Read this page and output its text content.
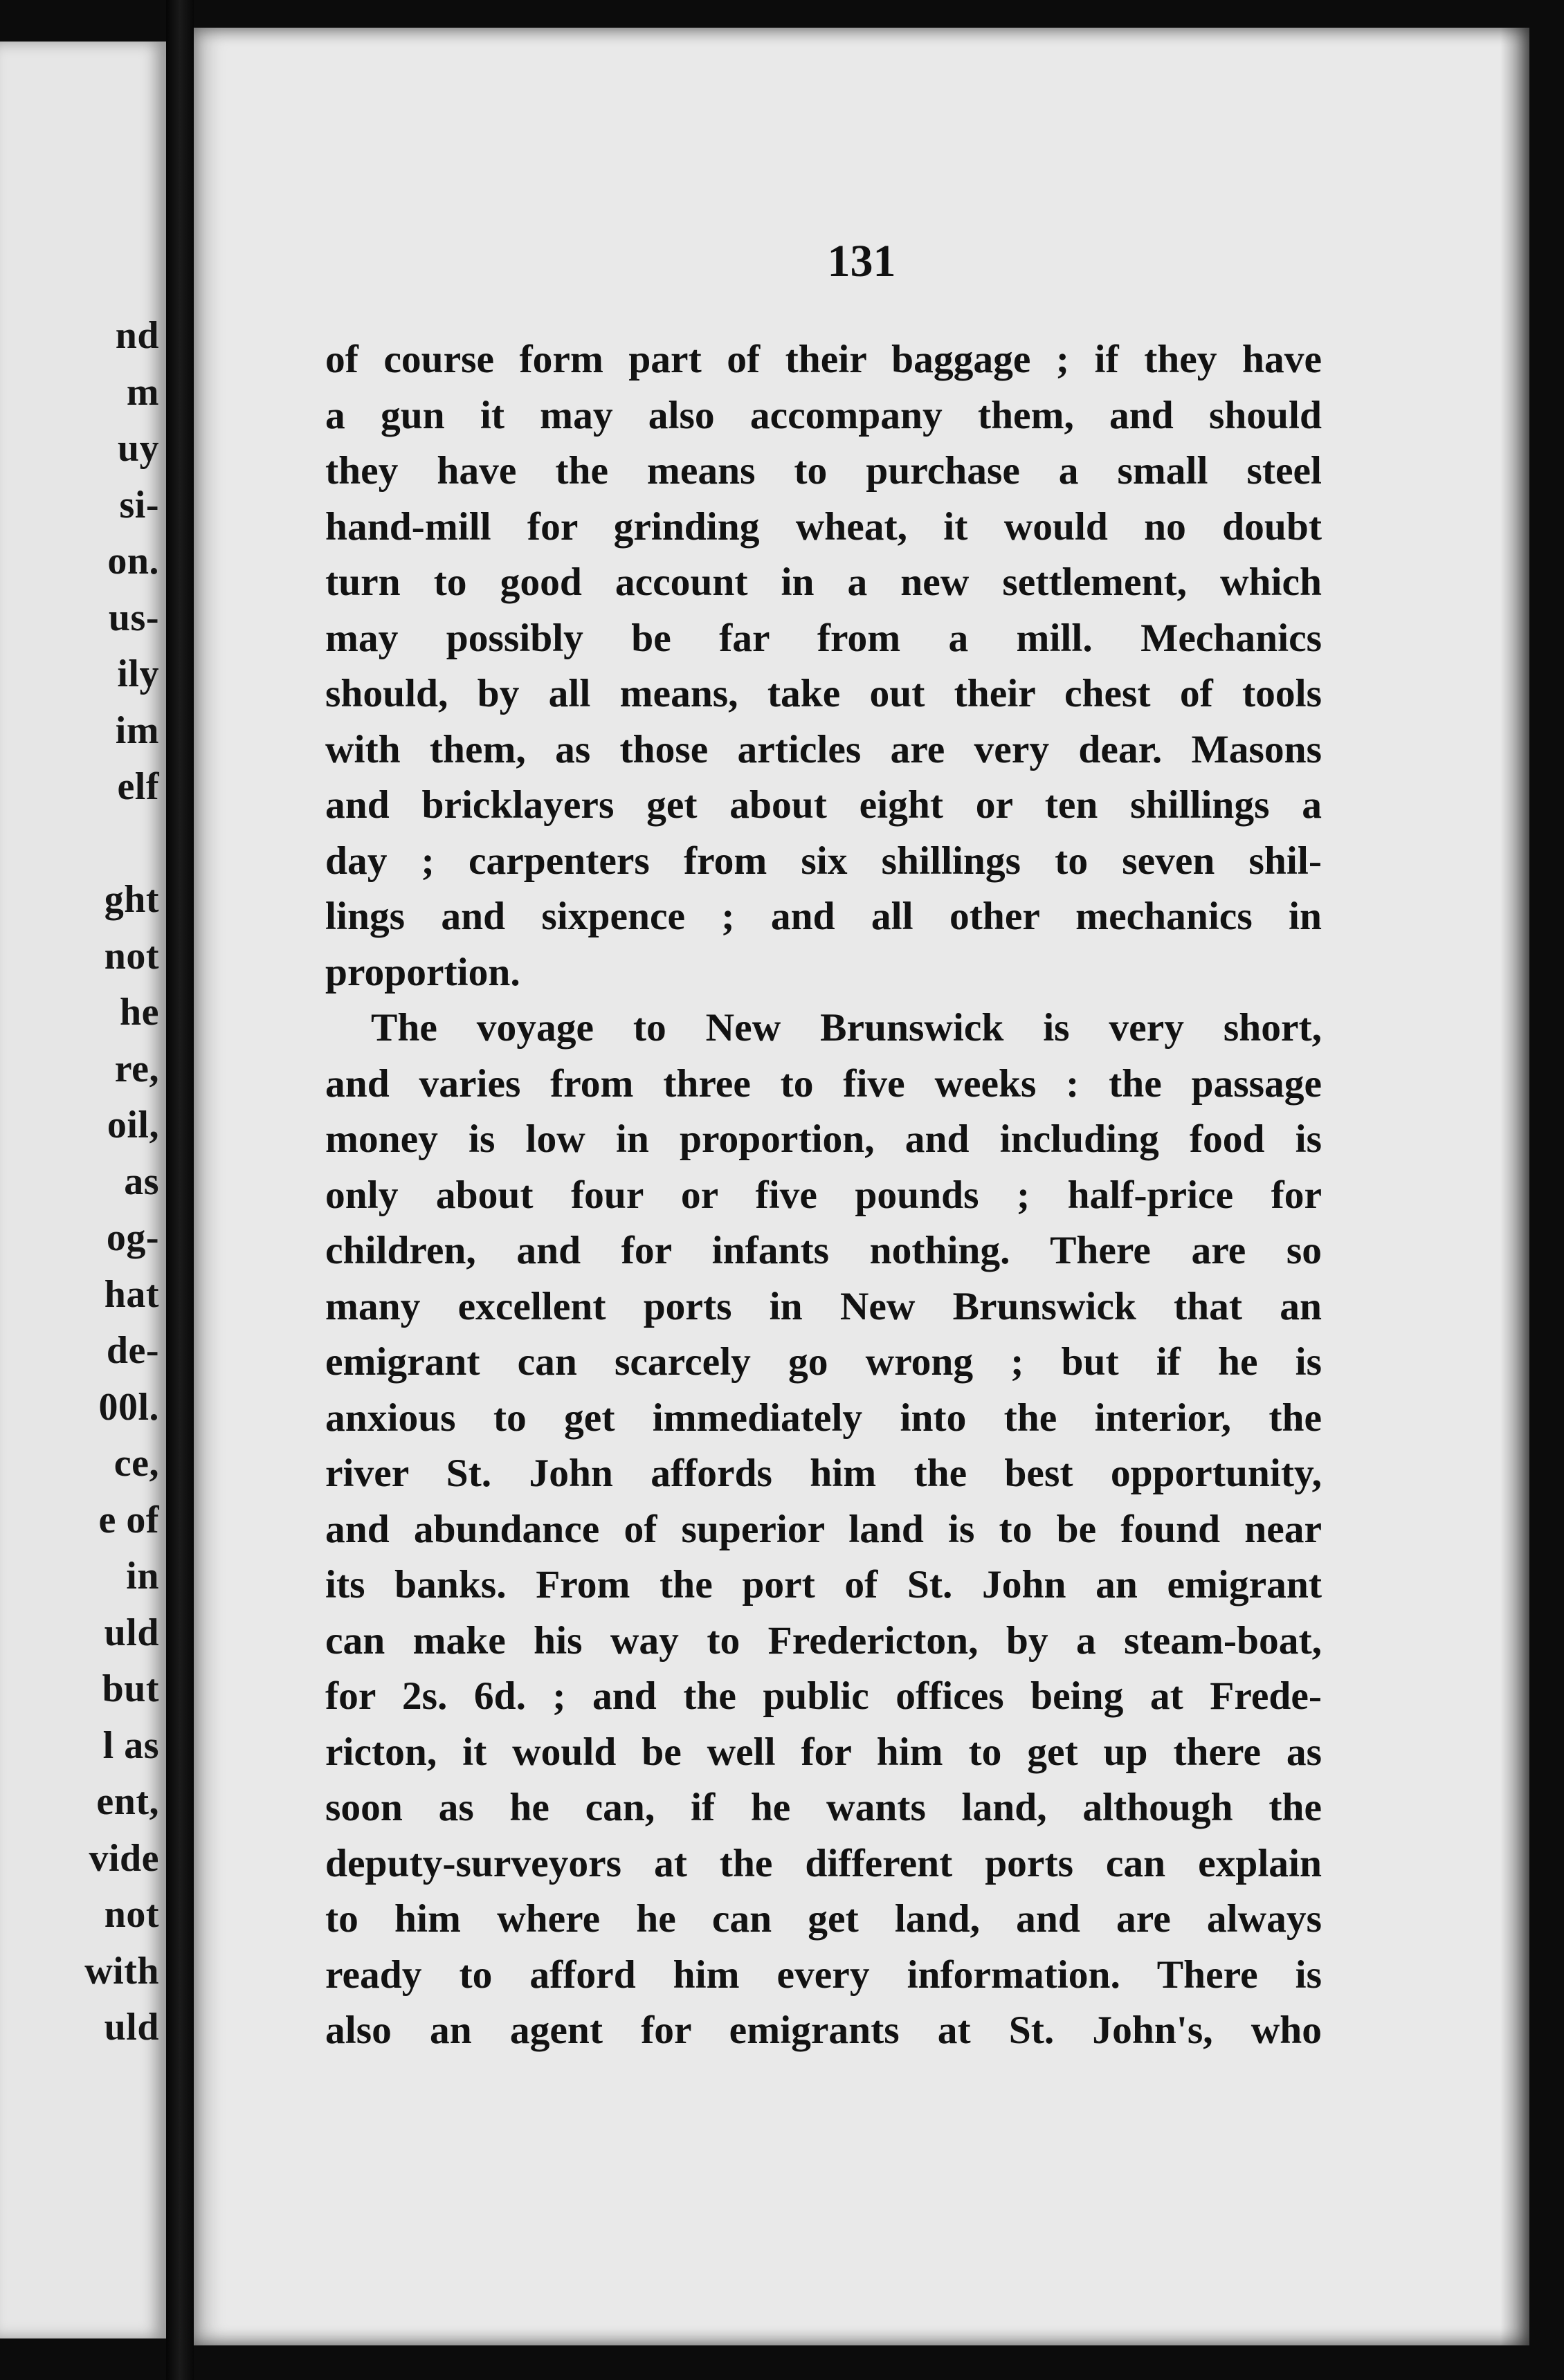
nd
m
uy
si-
on.
us-
ily
im
elf
ght
not
he
re,
oil,
as
og-
hat
de-
00l.
ce,
e of
in
uld
but
l as
ent,
vide
not
with
uld
131
of course form part of their baggage ; if they have
a gun it may also accompany them, and should
they have the means to purchase a small steel
hand-mill for grinding wheat, it would no doubt
turn to good account in a new settlement, which
may possibly be far from a mill. Mechanics
should, by all means, take out their chest of tools
with them, as those articles are very dear. Masons
and bricklayers get about eight or ten shillings a
day ; carpenters from six shillings to seven shil-
lings and sixpence ; and all other mechanics in
proportion.
The voyage to New Brunswick is very short,
and varies from three to five weeks : the passage
money is low in proportion, and including food is
only about four or five pounds ; half-price for
children, and for infants nothing. There are so
many excellent ports in New Brunswick that an
emigrant can scarcely go wrong ; but if he is
anxious to get immediately into the interior, the
river St. John affords him the best opportunity,
and abundance of superior land is to be found near
its banks. From the port of St. John an emigrant
can make his way to Fredericton, by a steam-boat,
for 2s. 6d. ; and the public offices being at Frede-
ricton, it would be well for him to get up there as
soon as he can, if he wants land, although the
deputy-surveyors at the different ports can explain
to him where he can get land, and are always
ready to afford him every information. There is
also an agent for emigrants at St. John's, who
